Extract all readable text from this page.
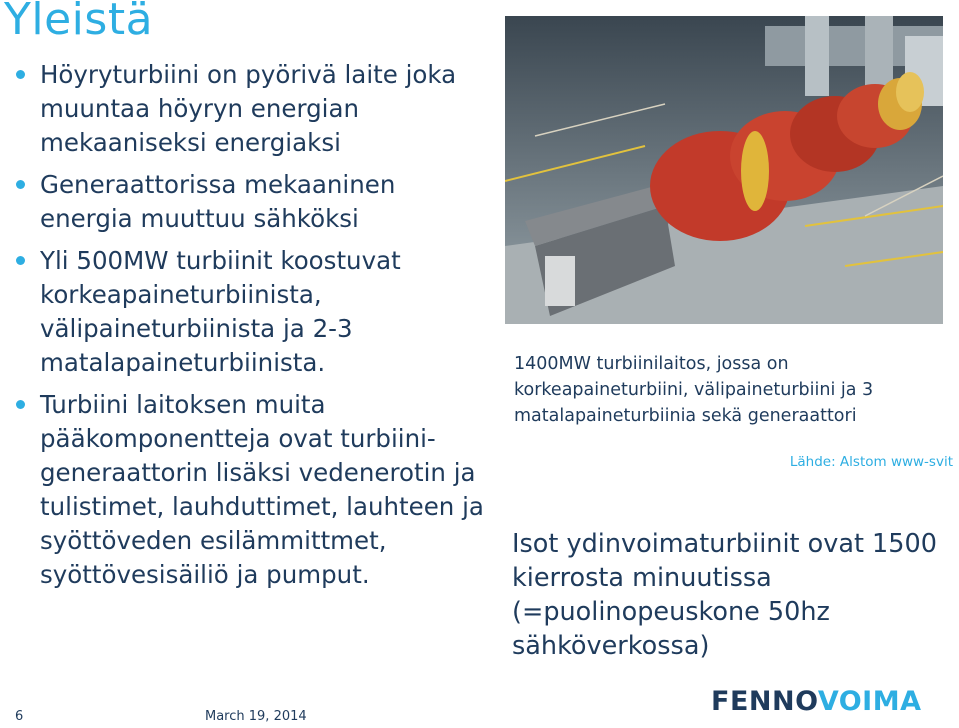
Yleistä
Höyryturbiini on pyörivä laite joka muuntaa höyryn energian mekaaniseksi energiaksi
Generaattorissa mekaaninen energia muuttuu sähköksi
Yli 500MW turbiinit koostuvat korkeapaineturbiinista, välipaineturbiinista ja 2-3 matalapaineturbiinista.
Turbiini laitoksen muita pääkomponentteja ovat turbiini-generaattorin lisäksi vedenerotin ja tulistimet, lauhduttimet, lauhteen ja syöttöveden esilämmittmet, syöttövesisäiliö ja pumput.
1400MW turbiinilaitos, jossa on korkeapaineturbiini, välipaineturbiini ja 3 matalapaineturbiinia sekä generaattori
Lähde: Alstom www-svit
Isot ydinvoimaturbiinit ovat 1500 kierrosta minuutissa (=puolinopeuskone 50hz sähköverkossa)
6	March 19, 2014	FENNOVOIMA
